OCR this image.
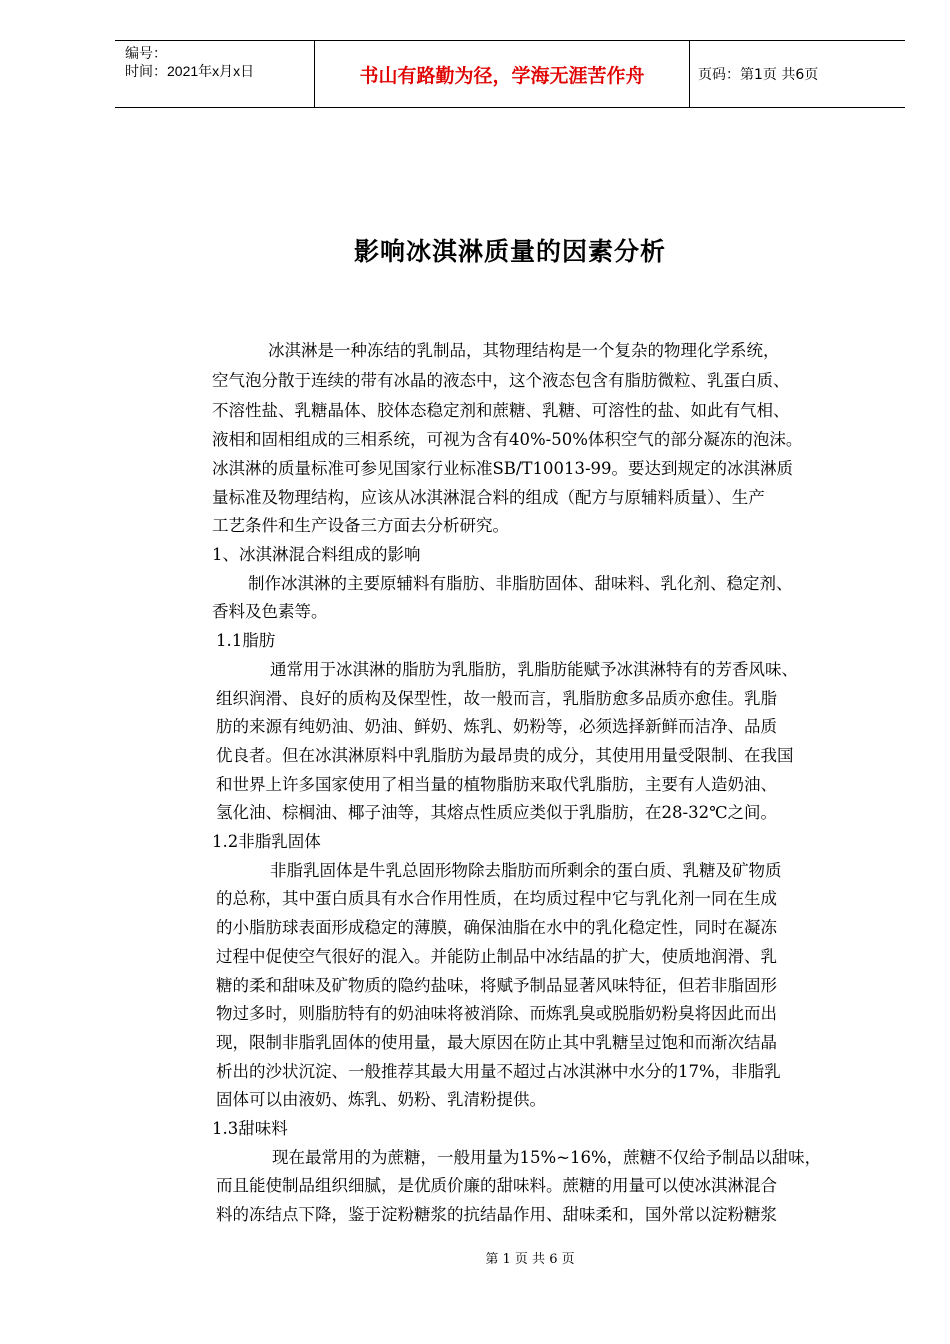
编号：
时间：2021年x月x日	书山有路勤为径，学海无涯苦作舟	页码：第1页 共6页
影响冰淇淋质量的因素分析
冰淇淋是一种冻结的乳制品，其物理结构是一个复杂的物理化学系统，
空气泡分散于连续的带有冰晶的液态中，这个液态包含有脂肪微粒、乳蛋白质、
不溶性盐、乳糖晶体、胶体态稳定剂和蔗糖、乳糖、可溶性的盐、如此有气相、
液相和固相组成的三相系统，可视为含有40%-50%体积空气的部分凝冻的泡沫。
冰淇淋的质量标准可参见国家行业标准SB/T10013-99。要达到规定的冰淇淋质
量标准及物理结构，应该从冰淇淋混合料的组成（配方与原辅料质量）、生产
工艺条件和生产设备三方面去分析研究。
1、冰淇淋混合料组成的影响
制作冰淇淋的主要原辅料有脂肪、非脂肪固体、甜味料、乳化剂、稳定剂、
香料及色素等。
1.1脂肪
通常用于冰淇淋的脂肪为乳脂肪，乳脂肪能赋予冰淇淋特有的芳香风味、
组织润滑、良好的质构及保型性，故一般而言，乳脂肪愈多品质亦愈佳。乳脂
肪的来源有纯奶油、奶油、鲜奶、炼乳、奶粉等，必须选择新鲜而洁净、品质
优良者。但在冰淇淋原料中乳脂肪为最昂贵的成分，其使用用量受限制、在我国
和世界上许多国家使用了相当量的植物脂肪来取代乳脂肪，主要有人造奶油、
氢化油、棕榈油、椰子油等，其熔点性质应类似于乳脂肪，在28-32℃之间。
1.2非脂乳固体
非脂乳固体是牛乳总固形物除去脂肪而所剩余的蛋白质、乳糖及矿物质
的总称，其中蛋白质具有水合作用性质，在均质过程中它与乳化剂一同在生成
的小脂肪球表面形成稳定的薄膜，确保油脂在水中的乳化稳定性，同时在凝冻
过程中促使空气很好的混入。并能防止制品中冰结晶的扩大，使质地润滑、乳
糖的柔和甜味及矿物质的隐约盐味，将赋予制品显著风味特征，但若非脂固形
物过多时，则脂肪特有的奶油味将被消除、而炼乳臭或脱脂奶粉臭将因此而出
现，限制非脂乳固体的使用量，最大原因在防止其中乳糖呈过饱和而渐次结晶
析出的沙状沉淀、一般推荐其最大用量不超过占冰淇淋中水分的17%，非脂乳
固体可以由液奶、炼乳、奶粉、乳清粉提供。
1.3甜味料
现在最常用的为蔗糖，一般用量为15%~16%，蔗糖不仅给予制品以甜味，
而且能使制品组织细腻，是优质价廉的甜味料。蔗糖的用量可以使冰淇淋混合
料的冻结点下降，鉴于淀粉糖浆的抗结晶作用、甜味柔和，国外常以淀粉糖浆
第 1 页 共 6 页
